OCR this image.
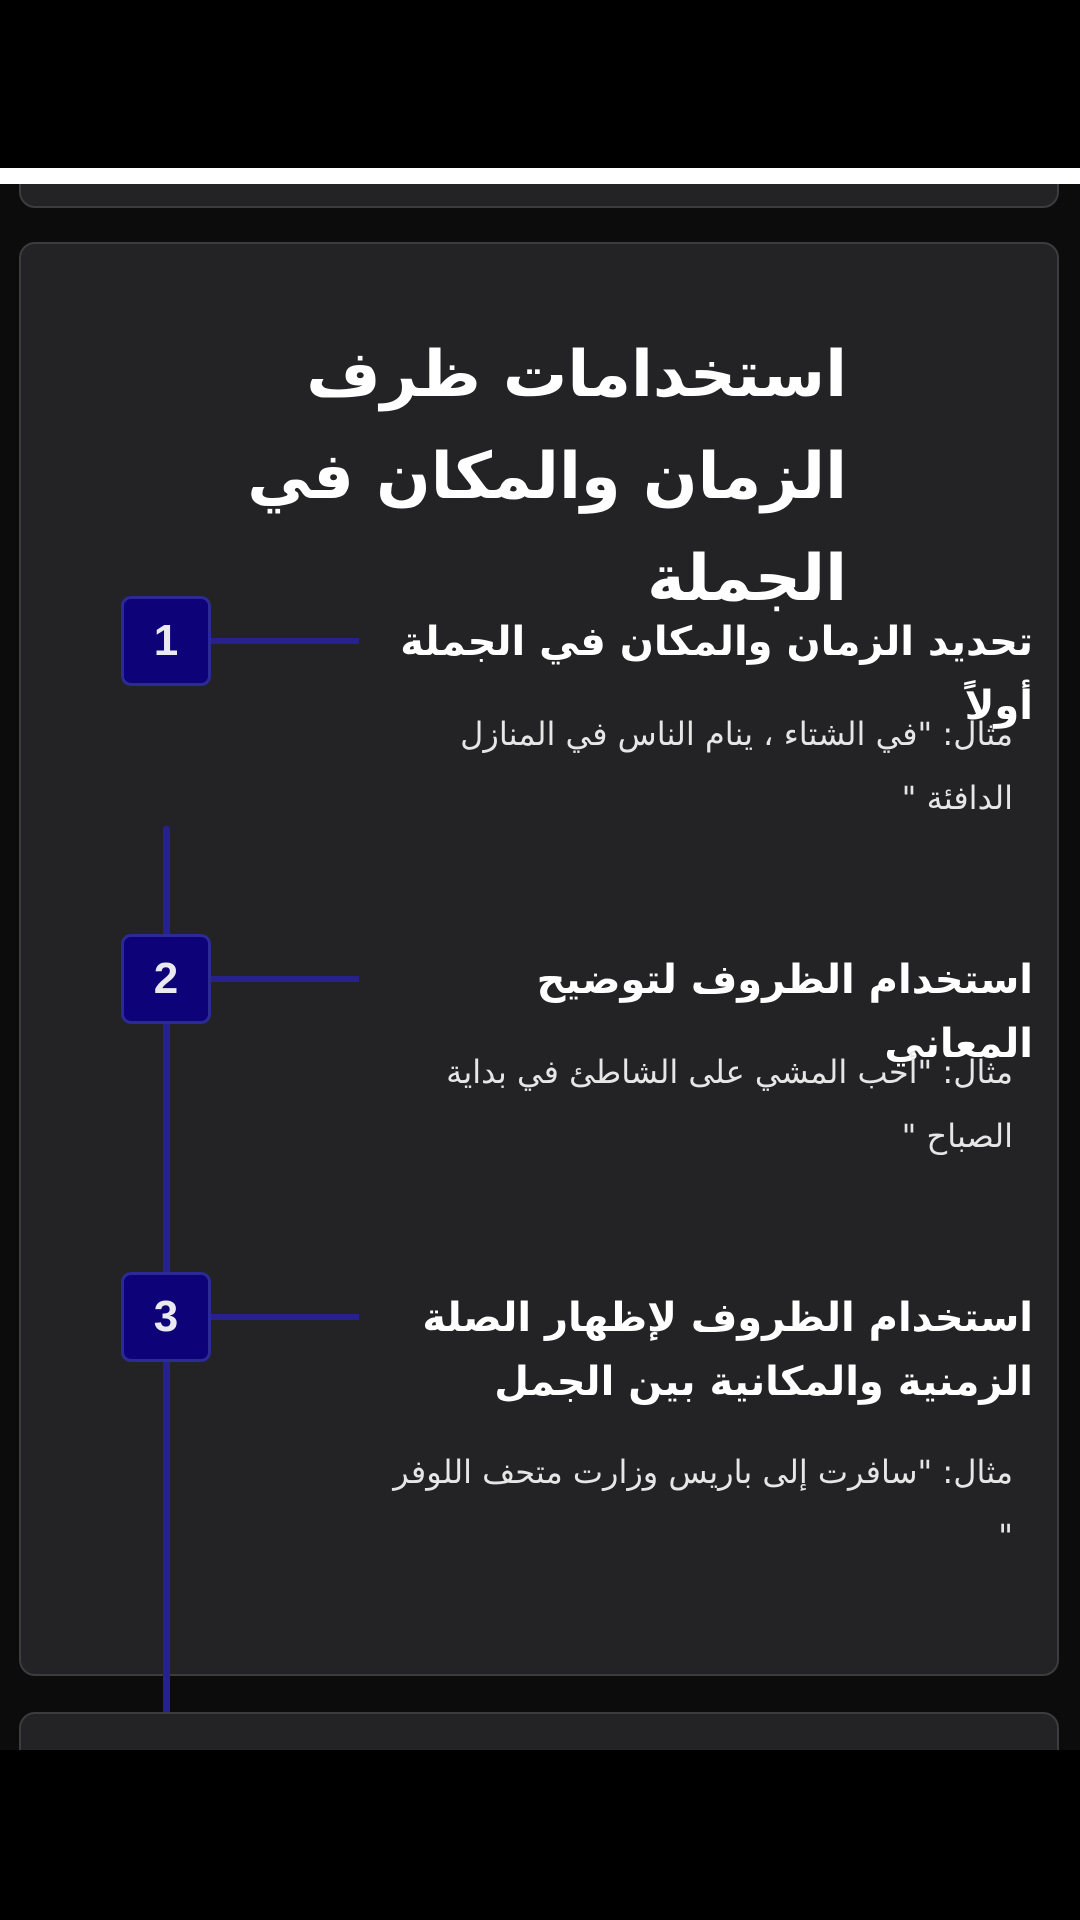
استخدامات ظرف الزمان والمكان في الجملة
1	تحديد الزمان والمكان في الجملة أولاً
مثال: "في الشتاء ، ينام الناس في المنازل الدافئة "
2	استخدام الظروف لتوضيح المعاني
مثال: "أحب المشي على الشاطئ في بداية الصباح "
3	استخدام الظروف لإظهار الصلة الزمنية والمكانية بين الجمل
مثال: "سافرت إلى باريس وزارت متحف اللوفر "
